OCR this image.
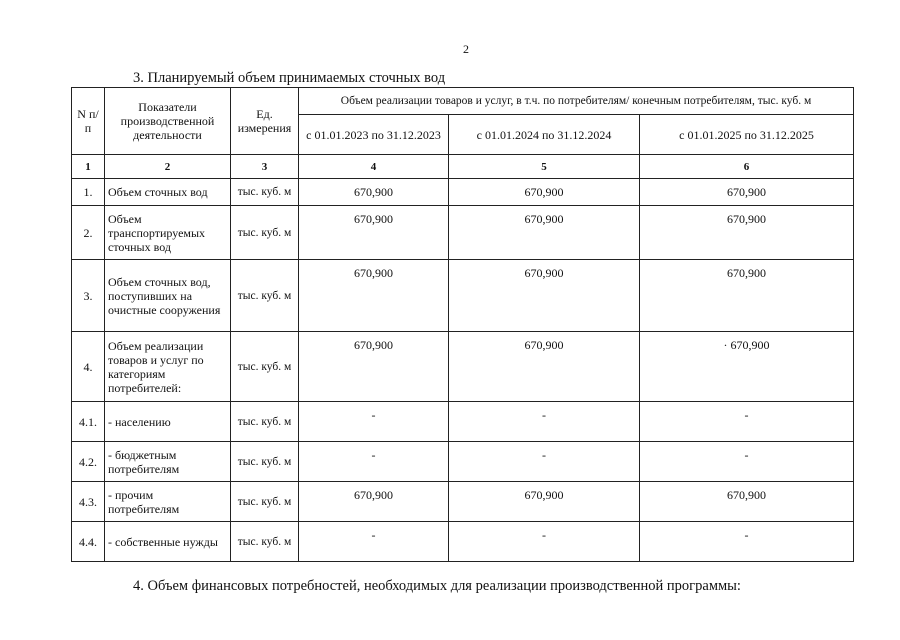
2
3. Планируемый объем принимаемых сточных вод
N п/п	Показатели производственной деятельности	Ед. измерения	Объем реализации товаров и услуг, в т.ч. по потребителям/ конечным потребителям, тыс. куб. м		
			с 01.01.2023 по 31.12.2023	с 01.01.2024 по 31.12.2024	с 01.01.2025 по 31.12.2025
1	2	3	4	5	6
1.	Объем сточных вод	тыс. куб. м	670,900	670,900	670,900
2.	Объем транспортируемых сточных вод	тыс. куб. м	670,900	670,900	670,900
3.	Объем сточных вод, поступивших на очистные сооружения	тыс. куб. м	670,900	670,900	670,900
4.	Объем реализации товаров и услуг по категориям потребителей:	тыс. куб. м	670,900	670,900	· 670,900
4.1.	- населению	тыс. куб. м	-	-	-
4.2.	- бюджетным потребителям	тыс. куб. м	-	-	-
4.3.	- прочим потребителям	тыс. куб. м	670,900	670,900	670,900
4.4.	- собственные нужды	тыс. куб. м	-	-	-
4. Объем финансовых потребностей, необходимых для реализации производственной программы:
